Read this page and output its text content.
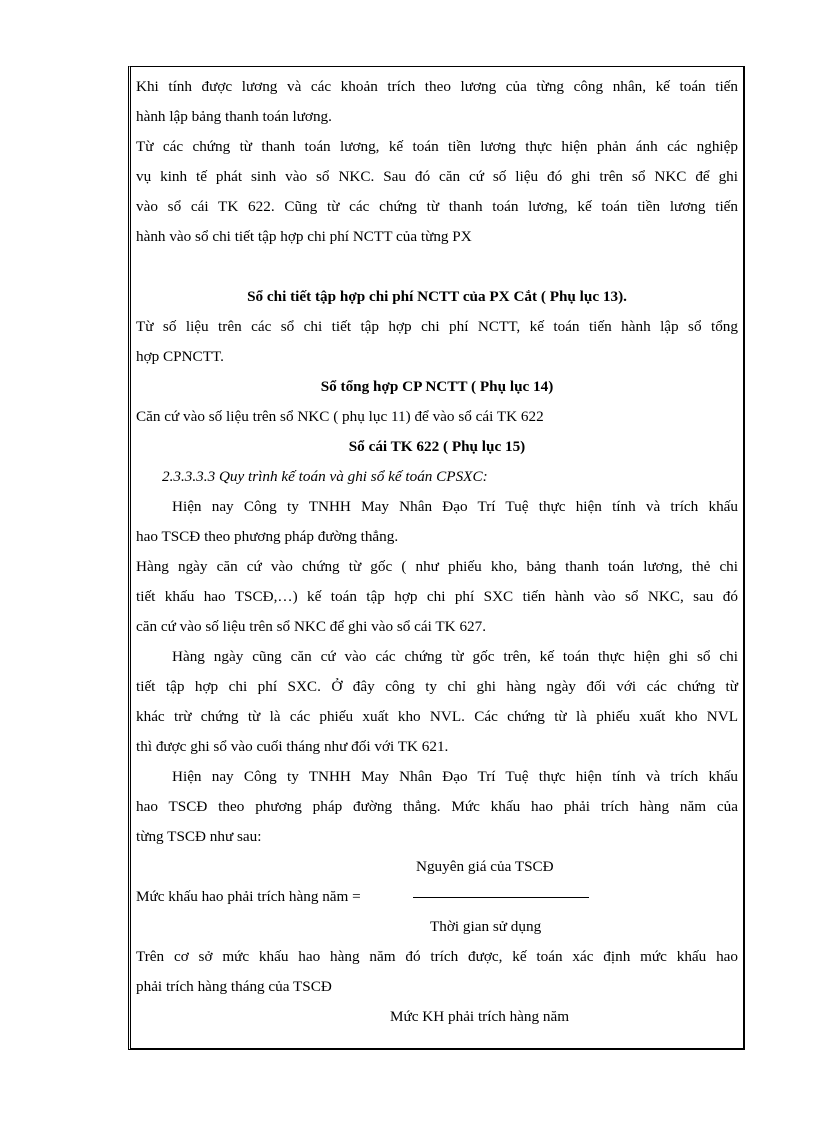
Khi tính được lương và các khoản trích theo lương của từng công nhân, kế toán tiến
hành lập bảng thanh toán lương.
Từ các chứng từ thanh toán lương, kế toán tiền lương thực hiện phản ánh các nghiệp
vụ kinh tế phát sinh vào sổ NKC. Sau đó căn cứ số liệu đó ghi trên sổ NKC để ghi
vào sổ cái TK 622. Cũng từ các chứng từ thanh toán lương, kế toán tiền lương tiến
hành vào sổ chi tiết tập hợp chi phí NCTT của từng PX
Sổ chi tiết tập hợp chi phí NCTT của PX Cắt ( Phụ lục 13).
Từ số liệu trên các sổ chi tiết tập hợp chi phí NCTT, kế toán tiến hành lập sổ tổng
hợp CPNCTT.
Sổ tổng hợp CP NCTT ( Phụ lục 14)
Căn cứ vào số liệu trên sổ NKC ( phụ lục 11) để vào sổ cái TK 622
Sổ cái TK 622 ( Phụ lục 15)
2.3.3.3.3 Quy trình kế toán và ghi sổ kế toán CPSXC:
Hiện nay Công ty TNHH May Nhân Đạo Trí Tuệ thực hiện tính và trích khấu
hao TSCĐ theo phương pháp đường thẳng.
Hàng ngày căn cứ vào chứng từ gốc ( như phiếu kho, bảng thanh toán lương, thẻ chi
tiết khấu hao TSCĐ,…) kế toán tập hợp chi phí SXC tiến hành vào sổ NKC, sau đó
căn cứ vào số liệu trên sổ NKC để ghi vào sổ cái TK 627.
Hàng ngày cũng căn cứ vào các chứng từ gốc trên, kế toán thực hiện ghi sổ chi
tiết tập hợp chi phí SXC. Ở đây công ty chỉ ghi hàng ngày đối với các chứng từ
khác trừ chứng từ là các phiếu xuất kho NVL. Các chứng từ là phiếu xuất kho NVL
thì được ghi sổ vào cuối tháng như đối với TK 621.
Hiện nay Công ty TNHH May Nhân Đạo Trí Tuệ thực hiện tính và trích khấu
hao TSCĐ theo phương pháp đường thẳng. Mức khấu hao phải trích hàng năm của
từng TSCĐ như sau:
Nguyên giá của TSCĐ
Mức khấu hao phải trích hàng năm =
Thời gian sử dụng
Trên cơ sở mức khấu hao hàng năm đó trích được, kế toán xác định mức khấu hao
phải trích hàng tháng của TSCĐ
Mức KH phải trích hàng năm
